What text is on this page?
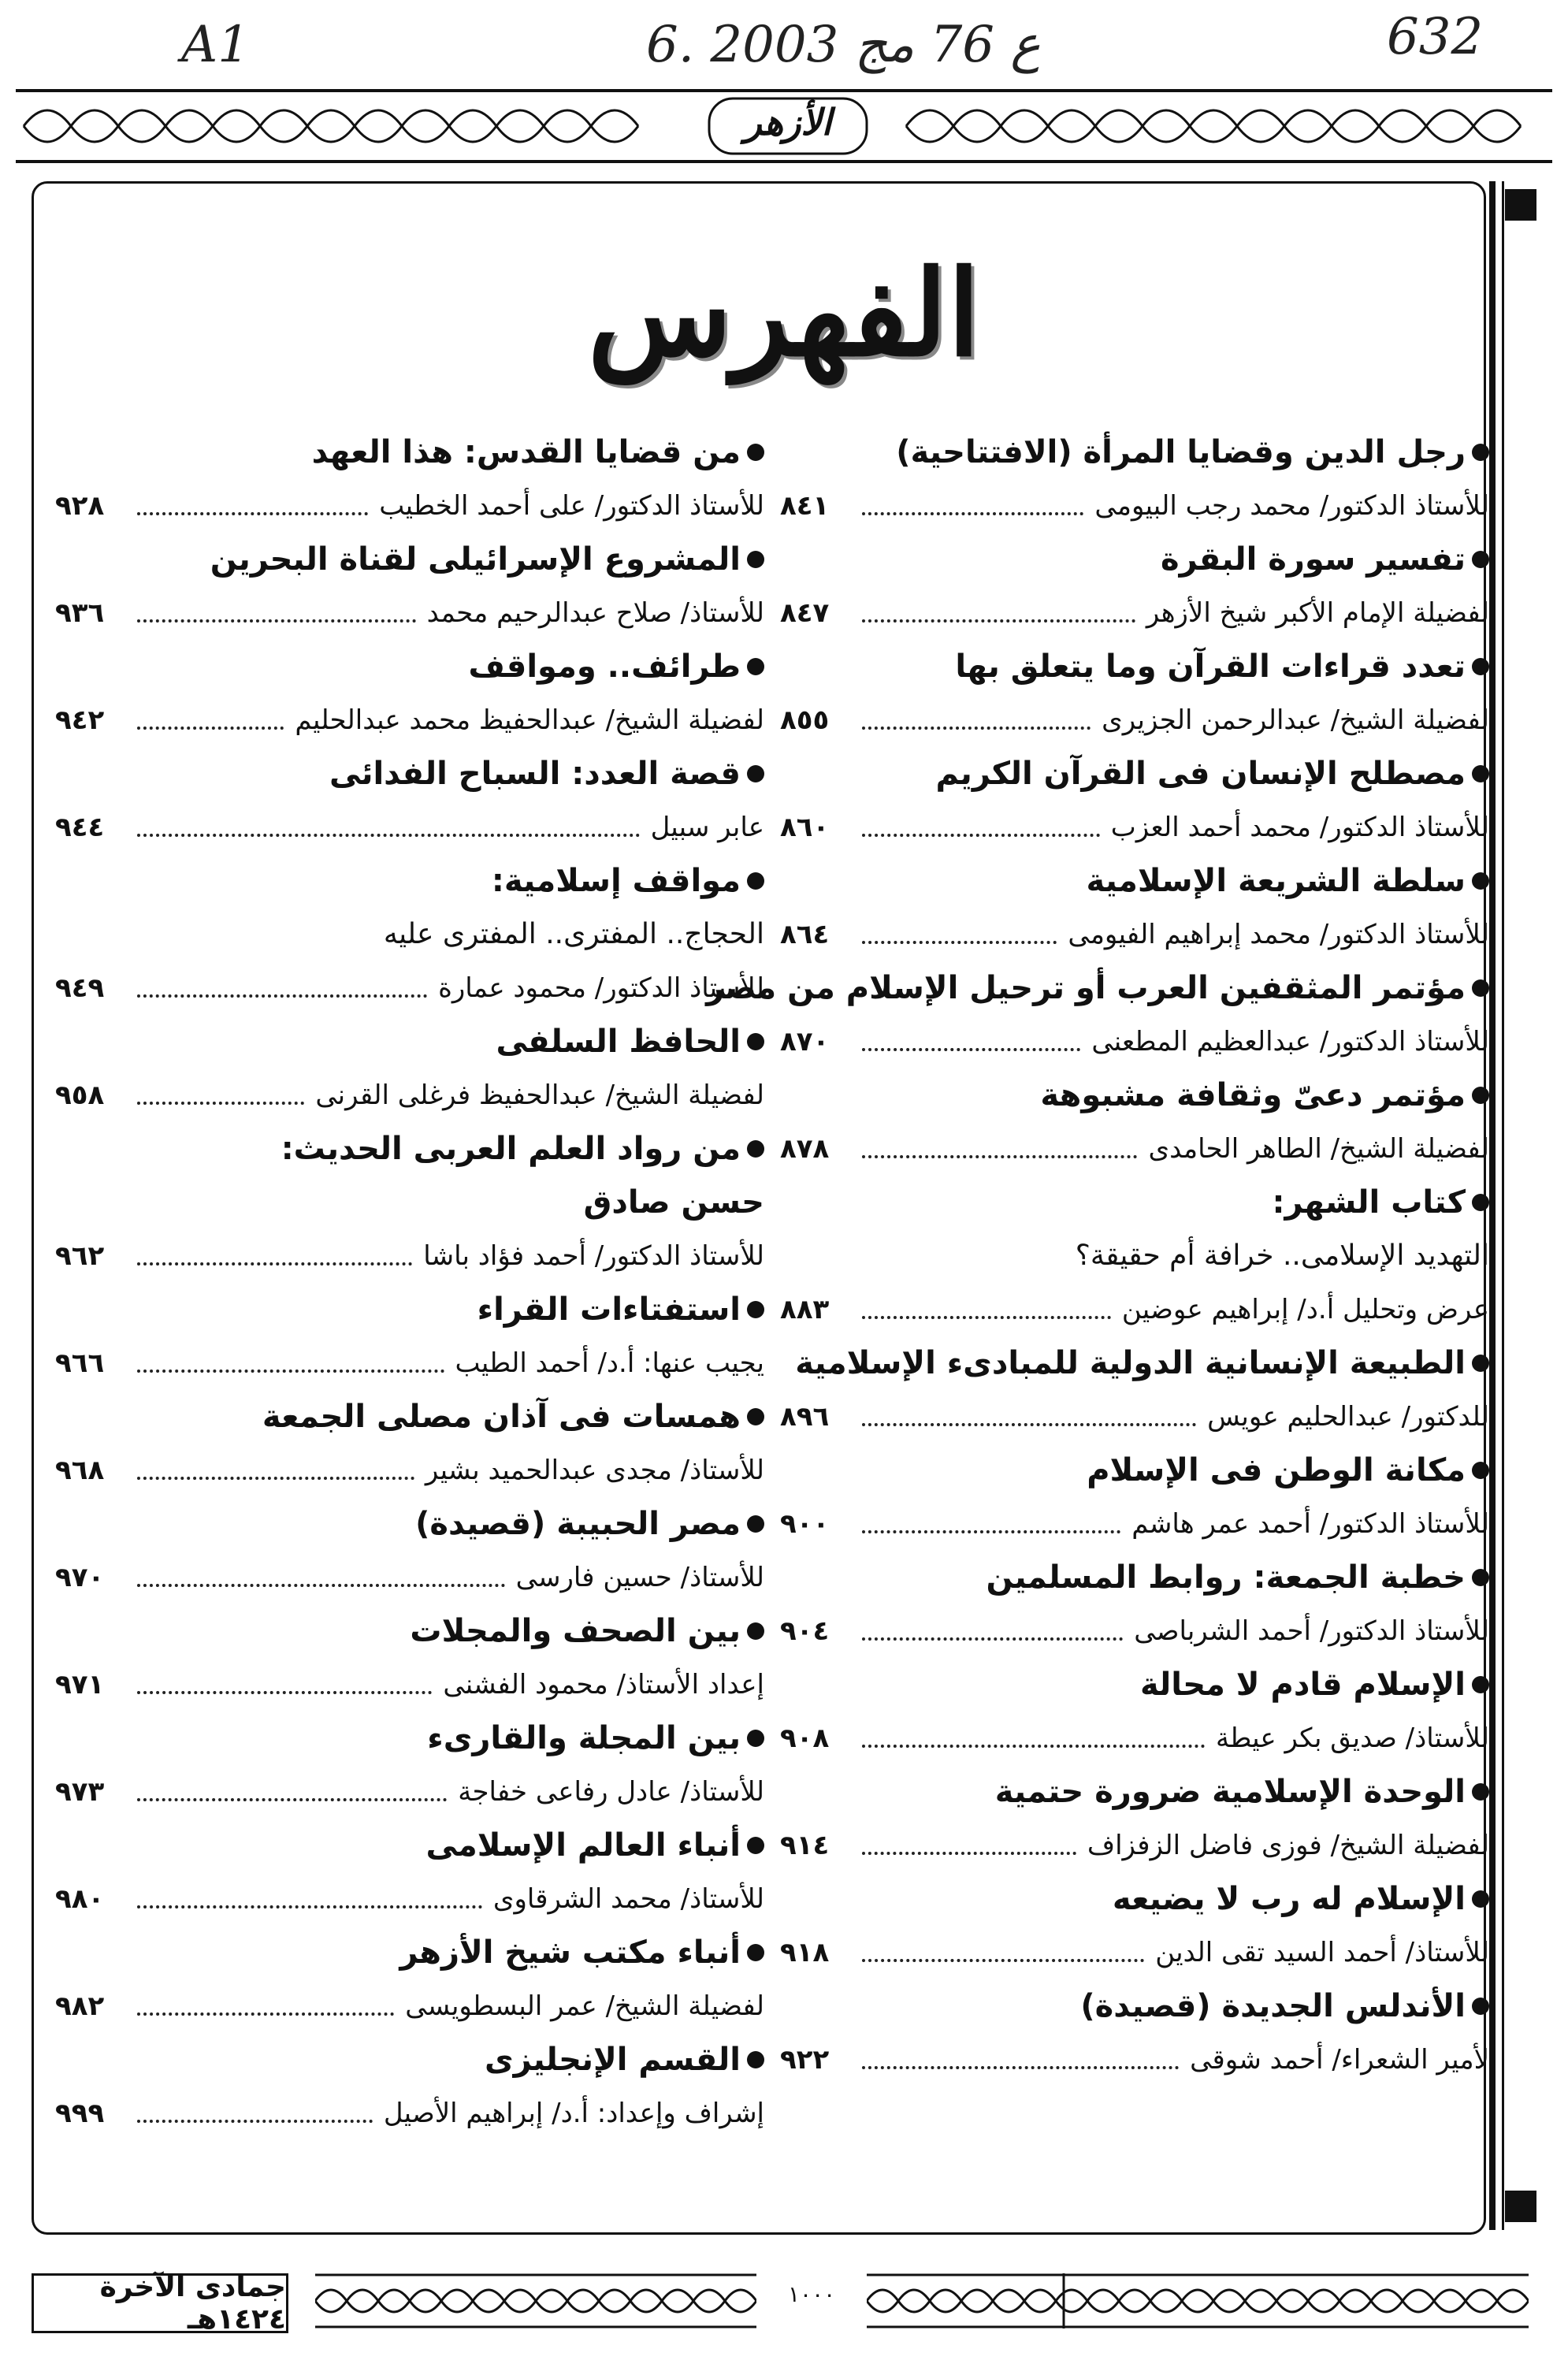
A1	6. ع 76 مج 2003	632
الأزهر
الفهرس
رجل الدين وقضايا المرأة (الافتتاحية)
للأستاذ الدكتور/ محمد رجب البيومى
٨٤١
تفسير سورة البقرة
لفضيلة الإمام الأكبر شيخ الأزهر
٨٤٧
تعدد قراءات القرآن وما يتعلق بها
لفضيلة الشيخ/ عبدالرحمن الجزيرى
٨٥٥
مصطلح الإنسان فى القرآن الكريم
للأستاذ الدكتور/ محمد أحمد العزب
٨٦٠
سلطة الشريعة الإسلامية
للأستاذ الدكتور/ محمد إبراهيم الفيومى
٨٦٤
مؤتمر المثقفين العرب أو ترحيل الإسلام من مصر
للأستاذ الدكتور/ عبدالعظيم المطعنى
٨٧٠
مؤتمر دعىّ وثقافة مشبوهة
لفضيلة الشيخ/ الطاهر الحامدى
٨٧٨
كتاب الشهر:
التهديد الإسلامى.. خرافة أم حقيقة؟
عرض وتحليل أ.د/ إبراهيم عوضين
٨٨٣
الطبيعة الإنسانية الدولية للمبادىء الإسلامية
للدكتور/ عبدالحليم عويس
٨٩٦
مكانة الوطن فى الإسلام
للأستاذ الدكتور/ أحمد عمر هاشم
٩٠٠
خطبة الجمعة: روابط المسلمين
للأستاذ الدكتور/ أحمد الشرباصى
٩٠٤
الإسلام قادم لا محالة
للأستاذ/ صديق بكر عيطة
٩٠٨
الوحدة الإسلامية ضرورة حتمية
لفضيلة الشيخ/ فوزى فاضل الزفزاف
٩١٤
الإسلام له رب لا يضيعه
للأستاذ/ أحمد السيد تقى الدين
٩١٨
الأندلس الجديدة (قصيدة)
لأمير الشعراء/ أحمد شوقى
٩٢٢
من قضايا القدس: هذا العهد
للأستاذ الدكتور/ على أحمد الخطيب
٩٢٨
المشروع الإسرائيلى لقناة البحرين
للأستاذ/ صلاح عبدالرحيم محمد
٩٣٦
طرائف.. ومواقف
لفضيلة الشيخ/ عبدالحفيظ محمد عبدالحليم
٩٤٢
قصة العدد: السباح الفدائى
عابر سبيل
٩٤٤
مواقف إسلامية:
الحجاج.. المفترى.. المفترى عليه
للأستاذ الدكتور/ محمود عمارة
٩٤٩
الحافظ السلفى
لفضيلة الشيخ/ عبدالحفيظ فرغلى القرنى
٩٥٨
من رواد العلم العربى الحديث:
حسن صادق
للأستاذ الدكتور/ أحمد فؤاد باشا
٩٦٢
استفتاءات القراء
يجيب عنها: أ.د/ أحمد الطيب
٩٦٦
همسات فى آذان مصلى الجمعة
للأستاذ/ مجدى عبدالحميد بشير
٩٦٨
مصر الحبيبة (قصيدة)
للأستاذ/ حسين فارسى
٩٧٠
بين الصحف والمجلات
إعداد الأستاذ/ محمود الفشنى
٩٧١
بين المجلة والقارىء
للأستاذ/ عادل رفاعى خفاجة
٩٧٣
أنباء العالم الإسلامى
للأستاذ/ محمد الشرقاوى
٩٨٠
أنباء مكتب شيخ الأزهر
لفضيلة الشيخ/ عمر البسطويسى
٩٨٢
القسم الإنجليزى
إشراف وإعداد: أ.د/ إبراهيم الأصيل
٩٩٩
جمادى الآخرة ١٤٢٤هـ
١٠٠٠
